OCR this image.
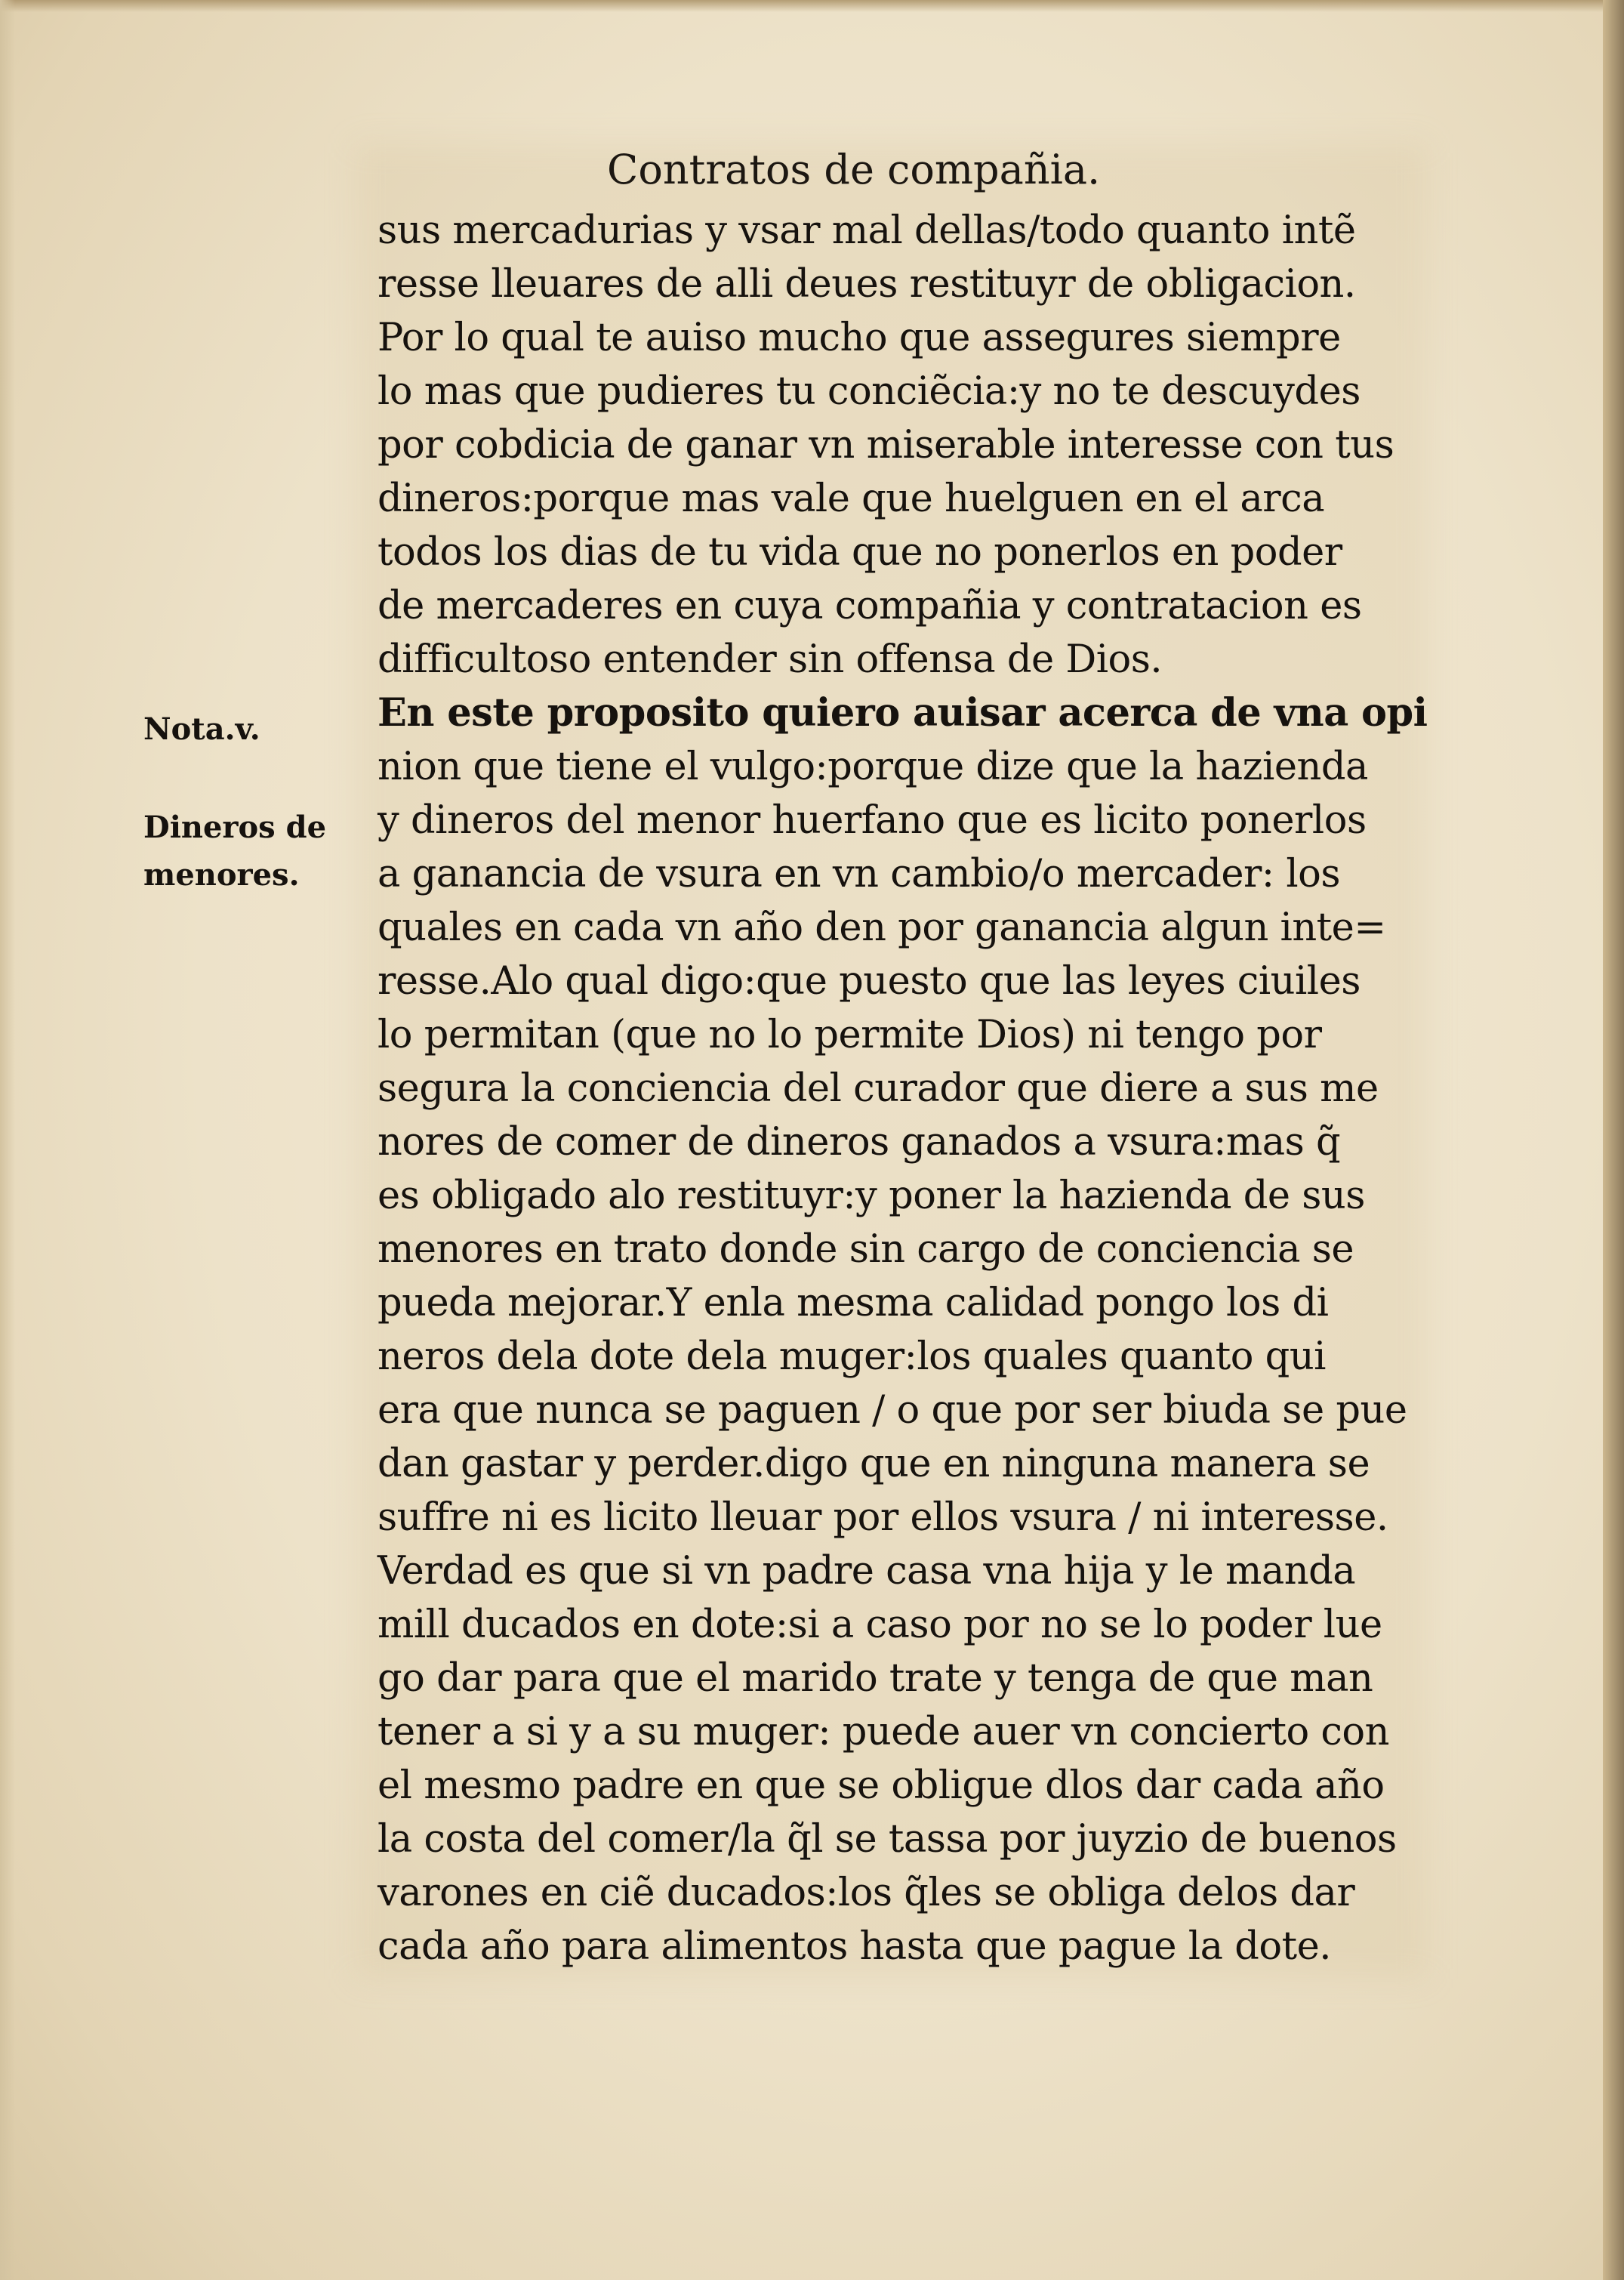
Contratos de compañia.
Nota.v.
Dineros de
menores.
sus mercadurias y vsar mal dellas/todo quanto intẽ
resse lleuares de alli deues restituyr de obligacion.
Por lo qual te auiso mucho que assegures siempre
lo mas que pudieres tu conciẽcia:y no te descuydes
por cobdicia de ganar vn miserable interesse con tus
dineros:porque mas vale que huelguen en el arca
todos los dias de tu vida que no ponerlos en poder
de mercaderes en cuya compañia y contratacion es
difficultoso entender sin offensa de Dios.
En este proposito quiero auisar acerca de vna opi
nion que tiene el vulgo:porque dize que la hazienda
y dineros del menor huerfano que es licito ponerlos
a ganancia de vsura en vn cambio/o mercader: los
quales en cada vn año den por ganancia algun inte=
resse.Alo qual digo:que puesto que las leyes ciuiles
lo permitan (que no lo permite Dios) ni tengo por
segura la conciencia del curador que diere a sus me
nores de comer de dineros ganados a vsura:mas q̃
es obligado alo restituyr:y poner la hazienda de sus
menores en trato donde sin cargo de conciencia se
pueda mejorar.Y enla mesma calidad pongo los di
neros dela dote dela muger:los quales quanto qui
era que nunca se paguen / o que por ser biuda se pue
dan gastar y perder.digo que en ninguna manera se
suffre ni es licito lleuar por ellos vsura / ni interesse.
Verdad es que si vn padre casa vna hija y le manda
mill ducados en dote:si a caso por no se lo poder lue
go dar para que el marido trate y tenga de que man
tener a si y a su muger: puede auer vn concierto con
el mesmo padre en que se obligue dlos dar cada año
la costa del comer/la q̃l se tassa por juyzio de buenos
varones en ciẽ ducados:los q̃les se obliga delos dar
cada año para alimentos hasta que pague la dote.
